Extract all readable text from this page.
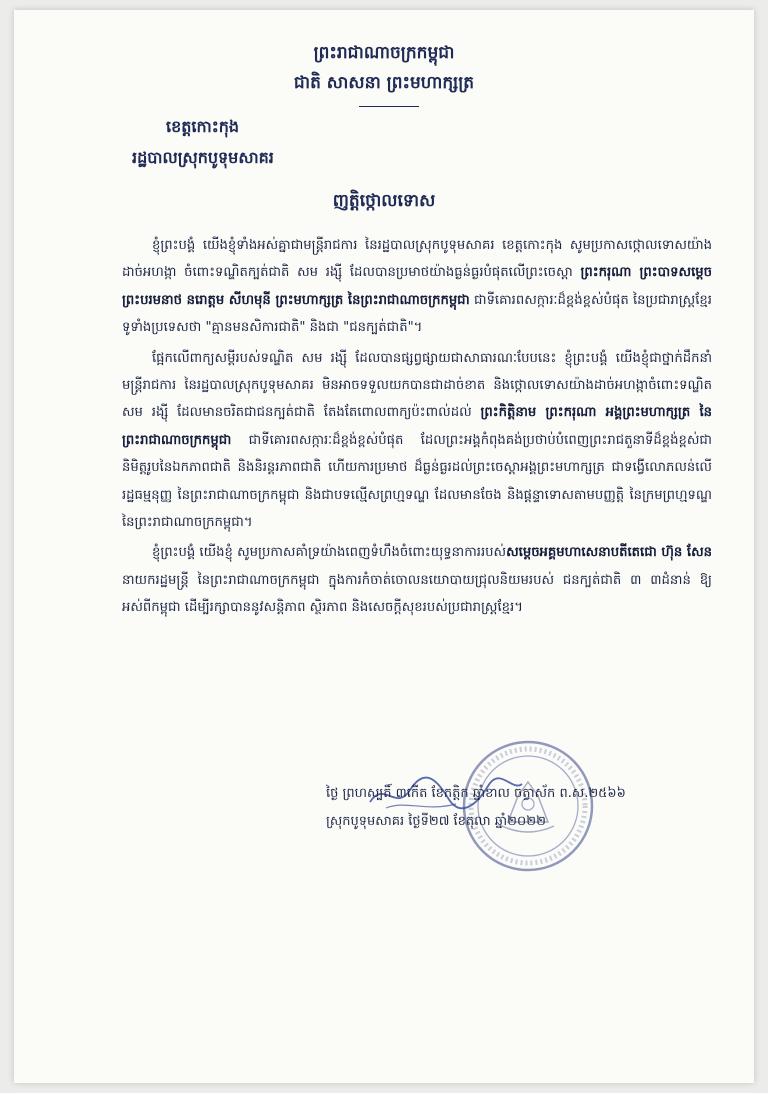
ព្រះរាជាណាចក្រកម្ពុជា
ជាតិ សាសនា ព្រះមហាក្សត្រ
ខេត្តកោះកុង
រដ្ឋបាលស្រុកបូទុមសាគរ
ញត្តិថ្កោលទោស

ខ្ញុំព្រះបង្គំ យើងខ្ញុំទាំងអស់គ្នាជាមន្ត្រីរាជការ នៃរដ្ឋបាលស្រុកបូទុមសាគរ ខេត្តកោះកុង សូមប្រកាសថ្កោលទោសយ៉ាងដាច់អហង្កា ចំពោះទណ្ឌិតក្បត់ជាតិ សម រង្ស៊ី ដែលបានប្រមាថយ៉ាងធ្ងន់ធ្ងរបំផុតលើព្រះចេស្ដា ព្រះករុណា ព្រះបាទសម្ដេច ព្រះបរមនាថ នរោត្តម សីហមុនី ព្រះមហាក្សត្រ នៃព្រះរាជាណាចក្រកម្ពុជា ជាទីគោរពសក្ការៈដ៏ខ្ពង់ខ្ពស់បំផុត នៃប្រជារាស្ត្រខ្មែរទូទាំងប្រទេសថា "គ្មានមនសិការជាតិ" និងជា "ជនក្បត់ជាតិ"។

ផ្អែកលើពាក្យសម្ដីរបស់ទណ្ឌិត សម រង្ស៊ី ដែលបានផ្សព្វផ្សាយជាសាធារណៈបែបនេះ ខ្ញុំព្រះបង្គំ យើងខ្ញុំជាថ្នាក់ដឹកនាំ មន្ត្រីរាជការ នៃរដ្ឋបាលស្រុកបូទុមសាគរ មិនអាចទទួលយកបានជាដាច់ខាត និងថ្កោលទោសយ៉ាងដាច់អហង្កាចំពោះទណ្ឌិត សម រង្ស៊ី ដែលមានចរិតជាជនក្បត់ជាតិ តែងតែពោលពាក្យប៉ះពាល់ដល់ ព្រះកិត្តិនាម ព្រះករុណា អង្គព្រះមហាក្សត្រ នៃព្រះរាជាណាចក្រកម្ពុជា ជាទីគោរពសក្ការៈដ៏ខ្ពង់ខ្ពស់បំផុត ដែលព្រះអង្គកំពុងគង់ប្រថាប់បំពេញព្រះរាជតួនាទីដ៏ខ្ពង់ខ្ពស់ជានិមិត្តរូបនៃឯកភាពជាតិ និងនិរន្តរភាពជាតិ ហើយការប្រមាថ ដ៏ធ្ងន់ធ្ងរដល់ព្រះចេស្ដាអង្គព្រះមហាក្សត្រ ជាទង្វើលោភលន់លើរដ្ឋធម្មនុញ្ញ នៃព្រះរាជាណាចក្រកម្ពុជា និងជាបទល្មើសព្រហ្មទណ្ឌ ដែលមានចែង និងផ្ដន្ទាទោសតាមបញ្ញត្តិ នៃក្រមព្រហ្មទណ្ឌ នៃព្រះរាជាណាចក្រកម្ពុជា។

ខ្ញុំព្រះបង្គំ យើងខ្ញុំ សូមប្រកាសគាំទ្រយ៉ាងពេញទំហឹងចំពោះយុទ្ធនាការរបស់សម្ដេចអគ្គមហាសេនាបតីតេជោ ហ៊ុន សែន នាយករដ្ឋមន្ត្រី នៃព្រះរាជាណាចក្រកម្ពុជា ក្នុងការកំចាត់ចោលនយោបាយជ្រុលនិយមរបស់ ជនក្បត់ជាតិ ៣ ៣ដំនាន់ ឱ្យអស់ពីកម្ពុជា ដើម្បីរក្សាបាននូវសន្តិភាព ស្ថិរភាព និងសេចក្ដីសុខរបស់ប្រជារាស្ត្រខ្មែរ។

ថ្ងៃ ព្រហស្បតិ៍ ៣កើត ខែកត្តិក ឆ្នាំខាល ចត្វាស័ក ព.ស.២៥៦៦
ស្រុកបូទុមសាគរ ថ្ងៃទី២៧ ខែតុលា ឆ្នាំ២០២២
